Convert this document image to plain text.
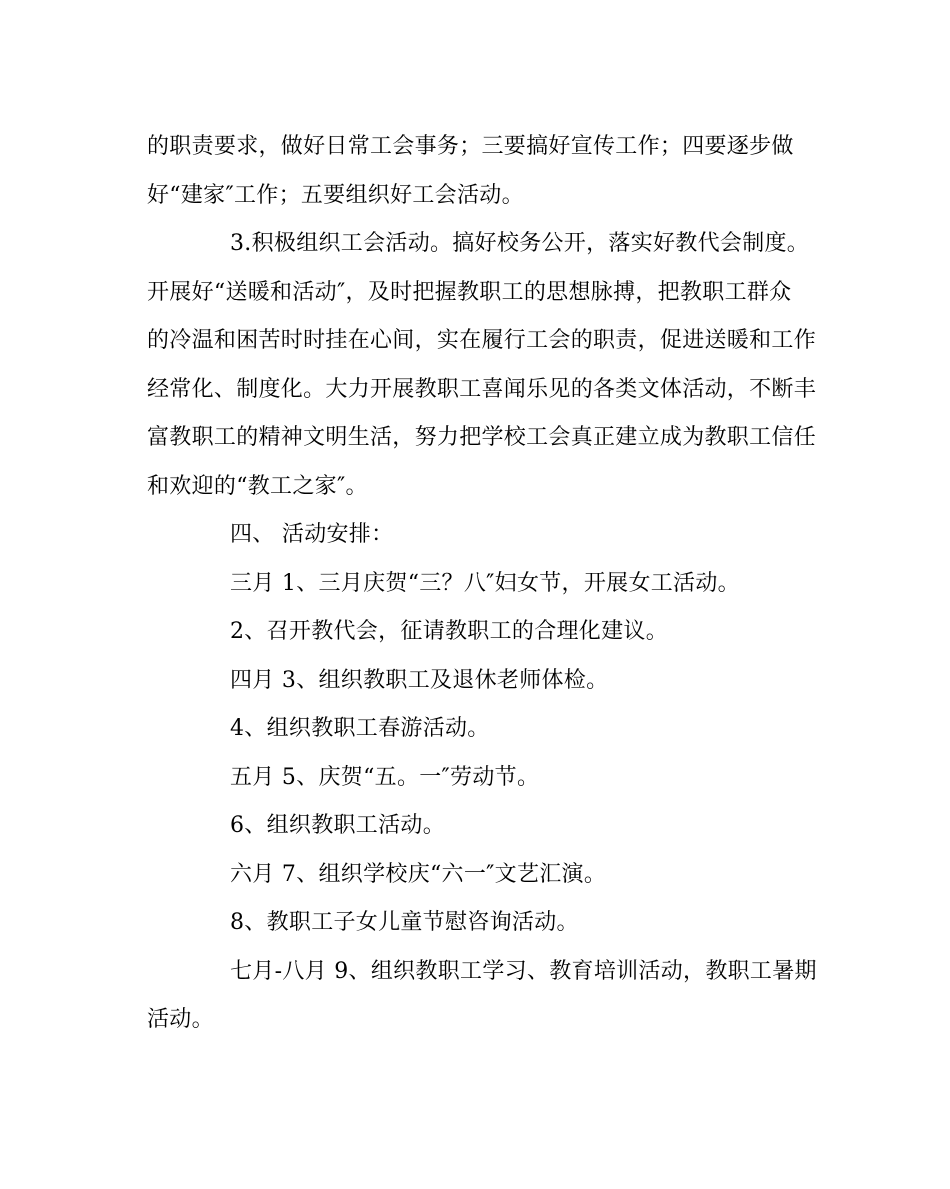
的职责要求，做好日常工会事务；三要搞好宣传工作；四要逐步做
好“建家″工作；五要组织好工会活动。
3.积极组织工会活动。搞好校务公开，落实好教代会制度。
开展好“送暖和活动″，及时把握教职工的思想脉搏，把教职工群众
的冷温和困苦时时挂在心间，实在履行工会的职责，促进送暖和工作
经常化、制度化。大力开展教职工喜闻乐见的各类文体活动，不断丰
富教职工的精神文明生活，努力把学校工会真正建立成为教职工信任
和欢迎的“教工之家″。
四、 活动安排：
三月 1、三月庆贺“三？八″妇女节，开展女工活动。
2、召开教代会，征请教职工的合理化建议。
四月 3、组织教职工及退休老师体检。
4、组织教职工春游活动。
五月 5、庆贺“五。一″劳动节。
6、组织教职工活动。
六月 7、组织学校庆“六一″文艺汇演。
8、教职工子女儿童节慰咨询活动。
七月-八月 9、组织教职工学习、教育培训活动，教职工暑期
活动。
